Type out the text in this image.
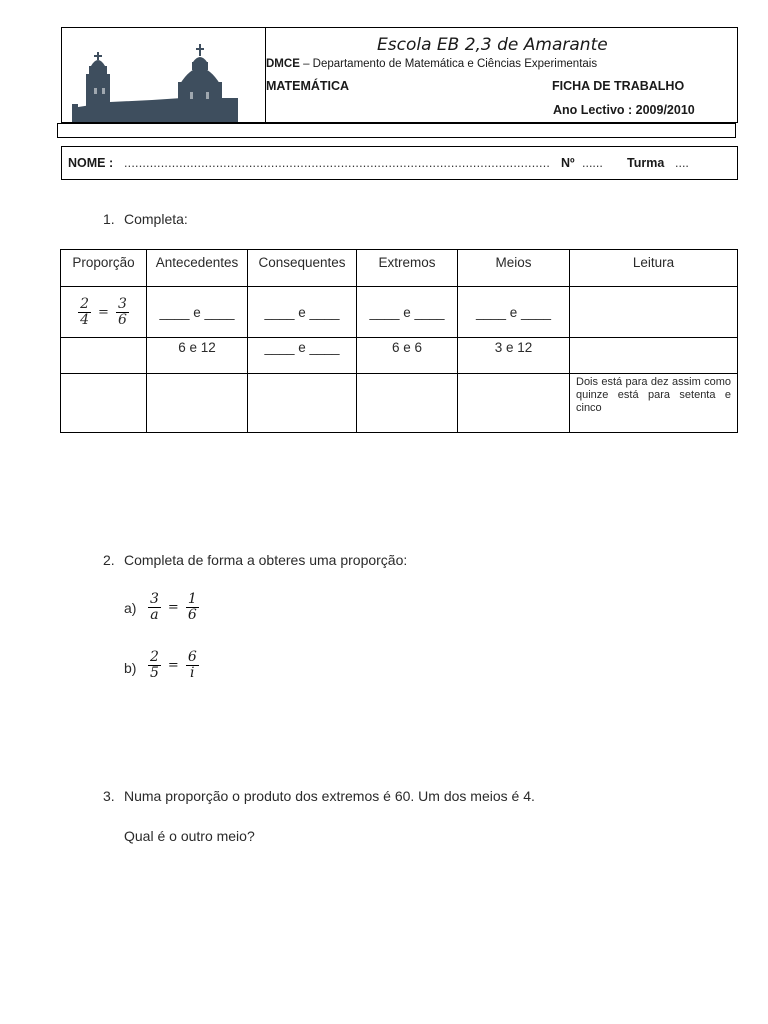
Escola EB 2,3 de Amarante
DMCE – Departamento de Matemática e Ciências Experimentais
MATEMÁTICA	FICHA DE TRABALHO
Ano Lectivo : 2009/2010
NOME : .................................................................................................................... Nº ...... Turma ....
1. Completa:
Proporção	Antecedentes	Consequentes	Extremos	Meios	Leitura

$\frac{2}{4} = \frac{3}{6}$	____ e ____	____ e ____	____ e ____	____ e ____	
	6 e 12	____ e ____	6 e 6	3 e 12	

					Dois está para dez assim como quinze está para setenta e cinco
2. Completa de forma a obteres uma proporção:
$a) \frac{3}{a} = \frac{1}{6}$
$b) \frac{2}{5} = \frac{6}{i}$
3. Numa proporção o produto dos extremos é 60. Um dos meios é 4.
Qual é o outro meio?
